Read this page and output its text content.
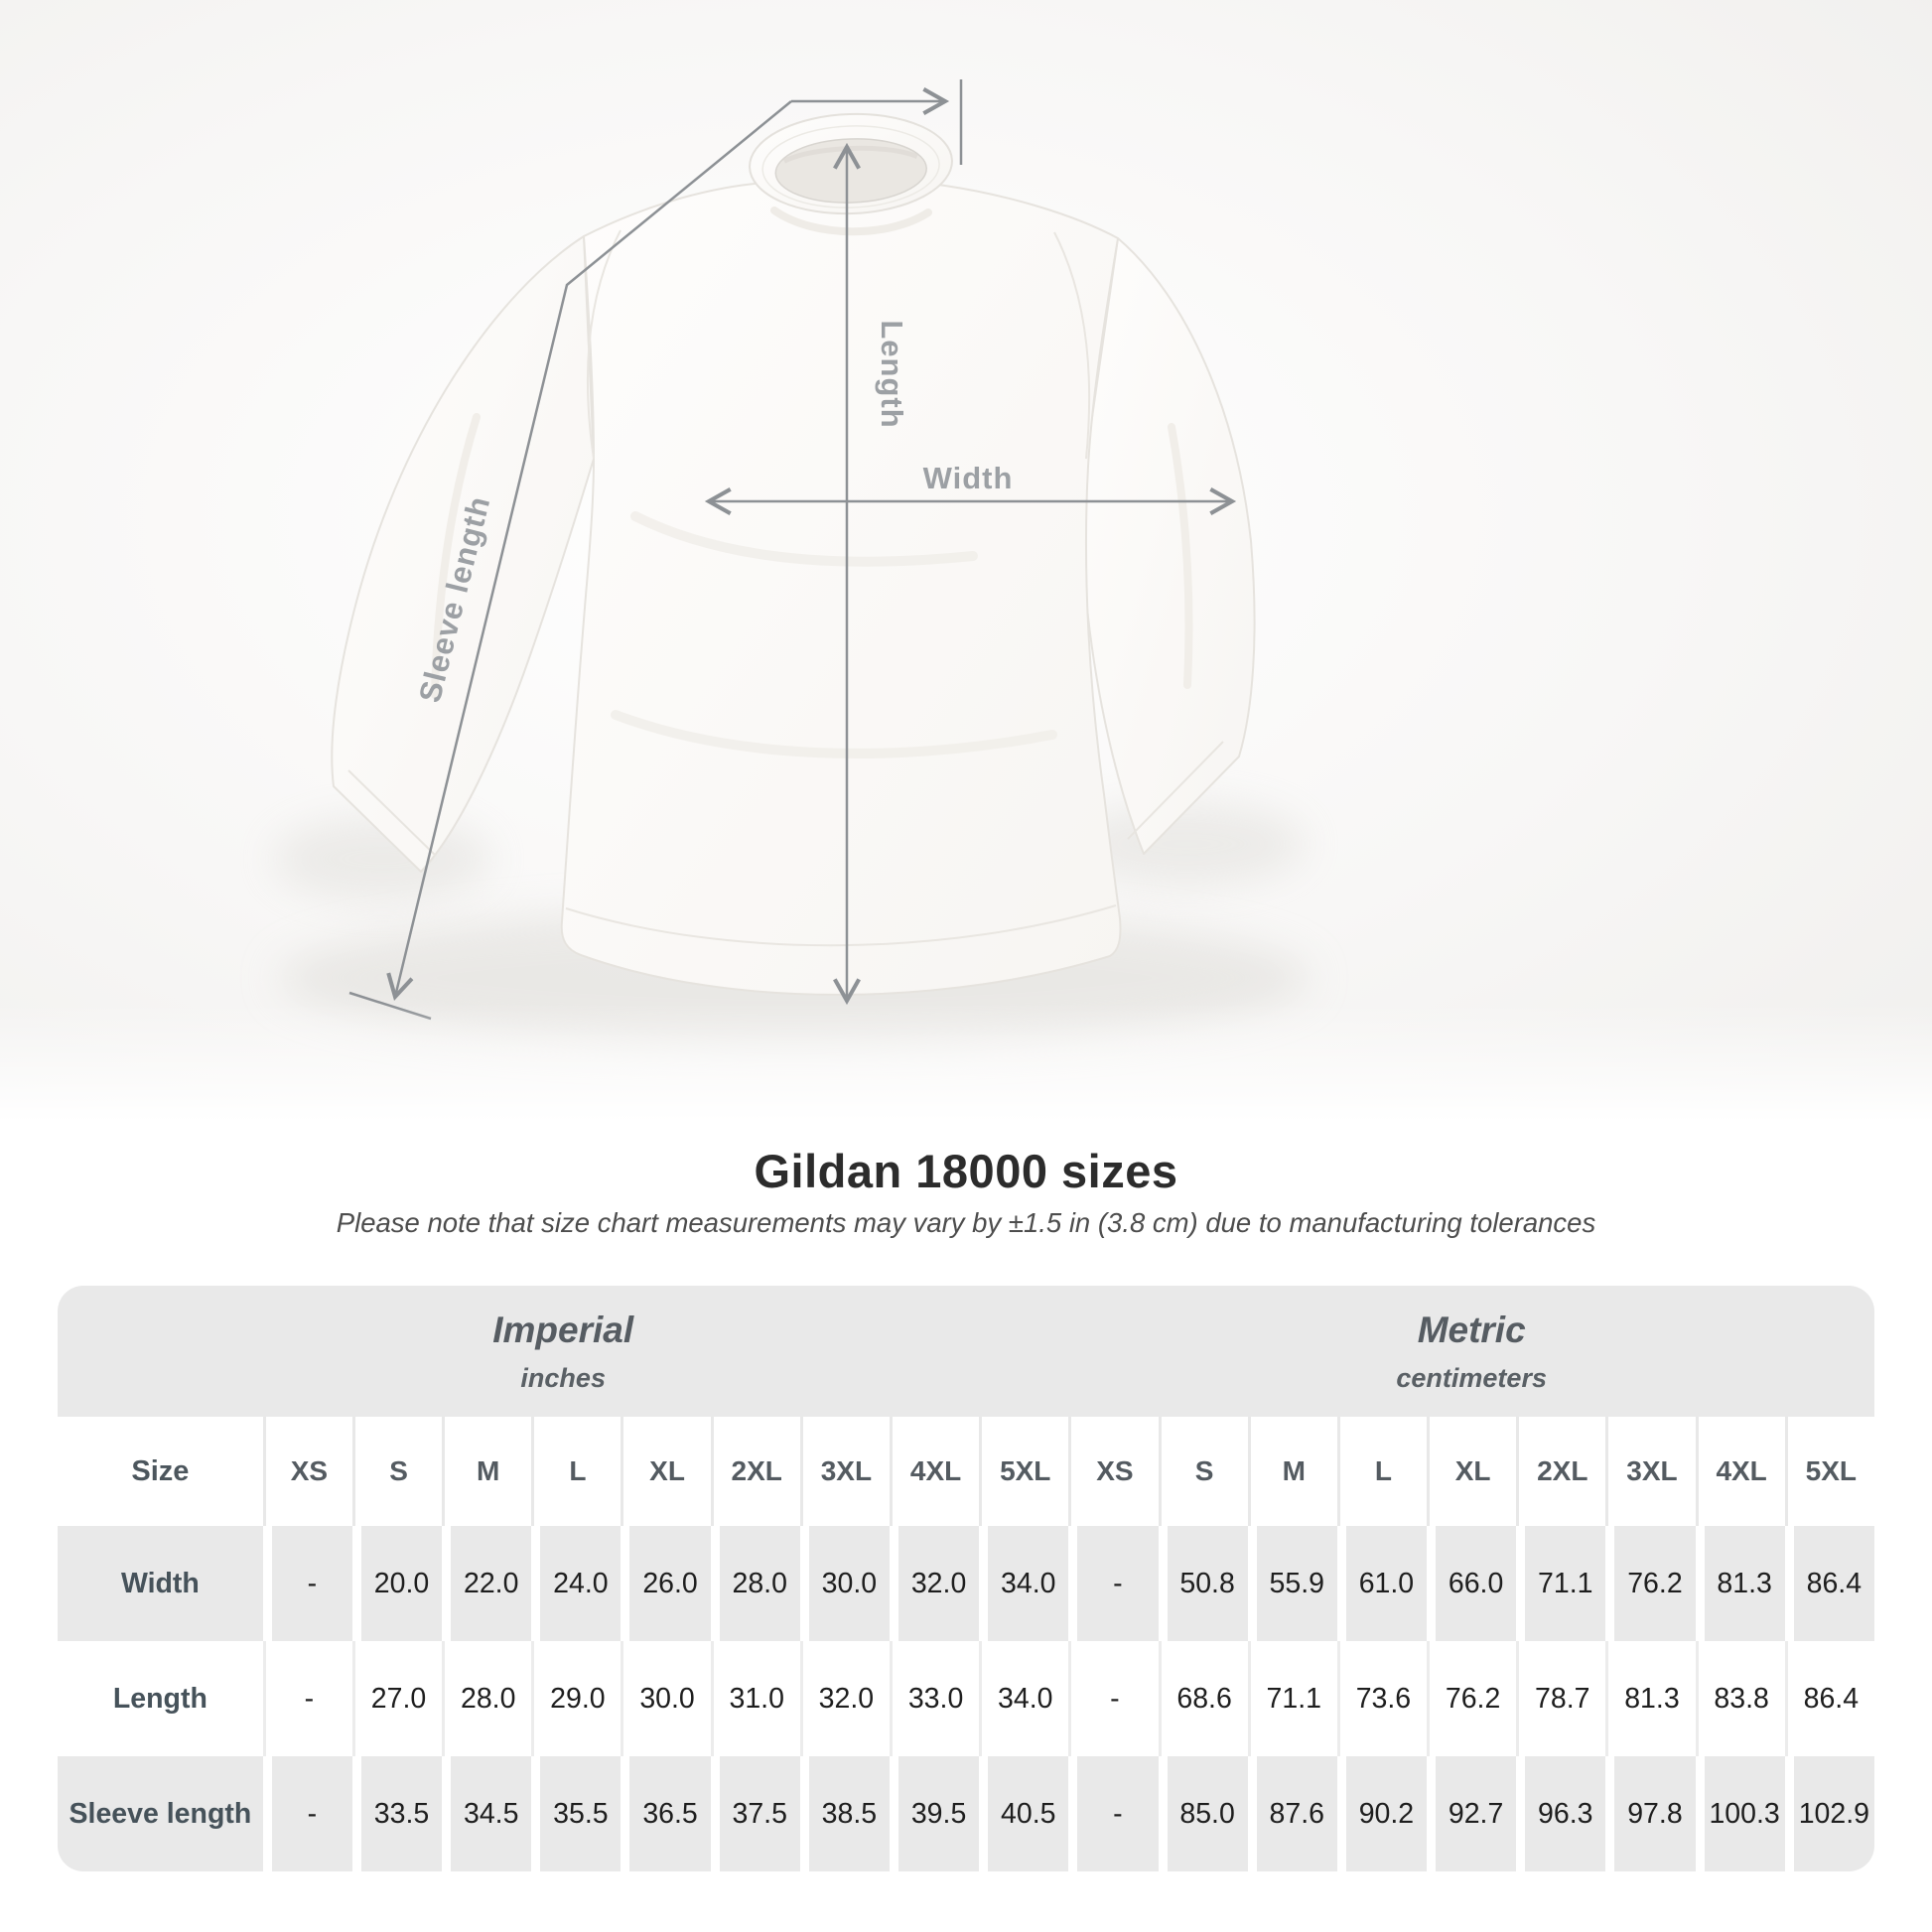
Width
Length
Sleeve length
Gildan 18000 sizes

Please note that size chart measurements may vary by ±1.5 in (3.8 cm) due to manufacturing tolerances

Imperial
inches
Metric
centimeters																		

Size	XS	S	M	L	XL	2XL	3XL	4XL	5XL	XS	S	M	L	XL	2XL	3XL	4XL	5XL
Width	-	20.0	22.0	24.0	26.0	28.0	30.0	32.0	34.0	-	50.8	55.9	61.0	66.0	71.1	76.2	81.3	86.4
Length	-	27.0	28.0	29.0	30.0	31.0	32.0	33.0	34.0	-	68.6	71.1	73.6	76.2	78.7	81.3	83.8	86.4
Sleeve length	-	33.5	34.5	35.5	36.5	37.5	38.5	39.5	40.5	-	85.0	87.6	90.2	92.7	96.3	97.8	100.3	102.9
